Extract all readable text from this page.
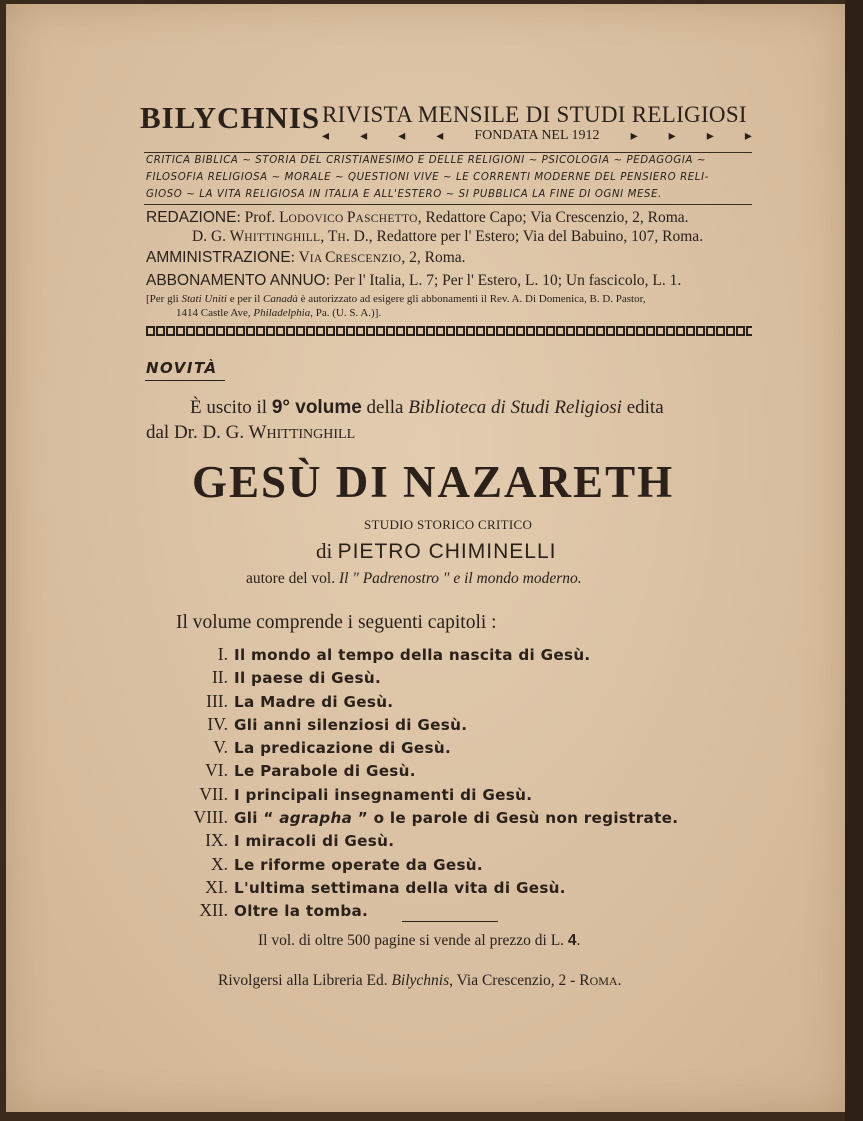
BILYCHNIS RIVISTA MENSILE DI STUDI RELIGIOSI
◂ ◂ ◂ ◂ FONDATA NEL 1912 ▸ ▸ ▸ ▸
CRITICA BIBLICA ~ STORIA DEL CRISTIANESIMO E DELLE RELIGIONI ~ PSICOLOGIA ~ PEDAGOGIA ~
FILOSOFIA RELIGIOSA ~ MORALE ~ QUESTIONI VIVE ~ LE CORRENTI MODERNE DEL PENSIERO RELI-
GIOSO ~ LA VITA RELIGIOSA IN ITALIA E ALL'ESTERO ~ SI PUBBLICA LA FINE DI OGNI MESE.
REDAZIONE: Prof. LODOVICO PASCHETTO, Redattore Capo; Via Crescenzio, 2, Roma.
D. G. WHITTINGHILL, TH. D., Redattore per l' Estero; Via del Babuino, 107, Roma.
AMMINISTRAZIONE: VIA CRESCENZIO, 2, Roma.
ABBONAMENTO ANNUO: Per l' Italia, L. 7; Per l' Estero, L. 10; Un fascicolo, L. 1.
[Per gli Stati Uniti e per il Canadà è autorizzato ad esigere gli abbonamenti il Rev. A. Di Domenica, B. D. Pastor,
1414 Castle Ave, Philadelphia, Pa. (U. S. A.)].
NOVITÀ
È uscito il 9° volume della Biblioteca di Studi Religiosi edita
dal Dr. D. G. WHITTINGHILL
GESÙ DI NAZARETH
STUDIO STORICO CRITICO
di PIETRO CHIMINELLI
autore del vol. Il " Padrenostro " e il mondo moderno.
Il volume comprende i seguenti capitoli :
I. Il mondo al tempo della nascita di Gesù.
II. Il paese di Gesù.
III. La Madre di Gesù.
IV. Gli anni silenziosi di Gesù.
V. La predicazione di Gesù.
VI. Le Parabole di Gesù.
VII. I principali insegnamenti di Gesù.
VIII. Gli “ agrapha ” o le parole di Gesù non registrate.
IX. I miracoli di Gesù.
X. Le riforme operate da Gesù.
XI. L'ultima settimana della vita di Gesù.
XII. Oltre la tomba.
Il vol. di oltre 500 pagine si vende al prezzo di L. 4.
Rivolgersi alla Libreria Ed. Bilychnis, Via Crescenzio, 2 - ROMA.
